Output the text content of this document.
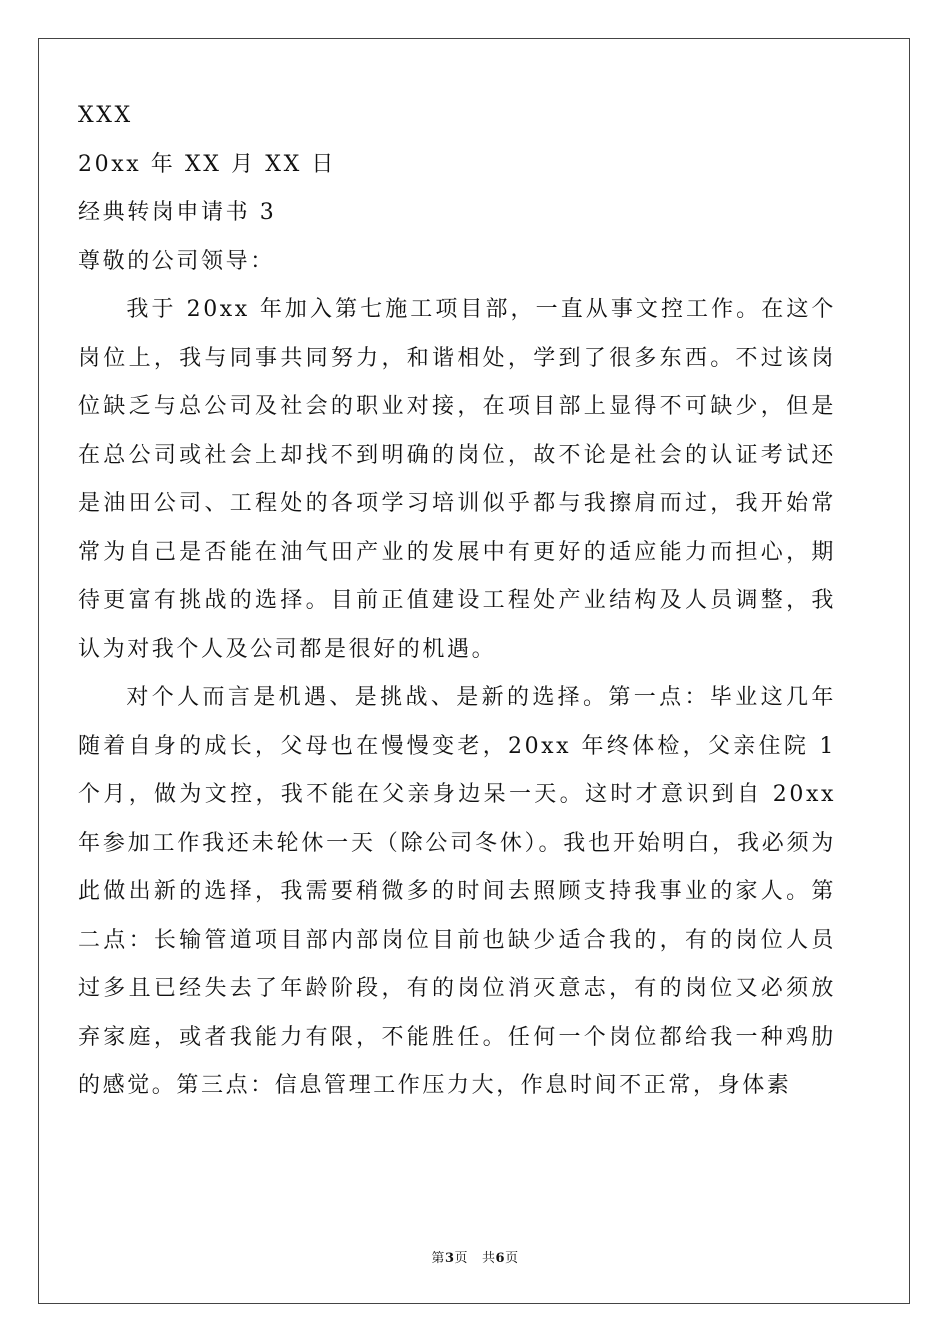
XXX
20xx 年 XX 月 XX 日
经典转岗申请书 3
尊敬的公司领导：

我于 20xx 年加入第七施工项目部，一直从事文控工作。在这个岗位上，我与同事共同努力，和谐相处，学到了很多东西。不过该岗位缺乏与总公司及社会的职业对接，在项目部上显得不可缺少，但是在总公司或社会上却找不到明确的岗位，故不论是社会的认证考试还是油田公司、工程处的各项学习培训似乎都与我擦肩而过，我开始常常为自己是否能在油气田产业的发展中有更好的适应能力而担心，期待更富有挑战的选择。目前正值建设工程处产业结构及人员调整，我认为对我个人及公司都是很好的机遇。

对个人而言是机遇、是挑战、是新的选择。第一点：毕业这几年随着自身的成长，父母也在慢慢变老，20xx 年终体检，父亲住院 1 个月，做为文控，我不能在父亲身边呆一天。这时才意识到自 20xx 年参加工作我还未轮休一天（除公司冬休）。我也开始明白，我必须为此做出新的选择，我需要稍微多的时间去照顾支持我事业的家人。第二点：长输管道项目部内部岗位目前也缺少适合我的，有的岗位人员过多且已经失去了年龄阶段，有的岗位消灭意志，有的岗位又必须放弃家庭，或者我能力有限，不能胜任。任何一个岗位都给我一种鸡肋的感觉。第三点：信息管理工作压力大，作息时间不正常，身体素

第3页 共6页
